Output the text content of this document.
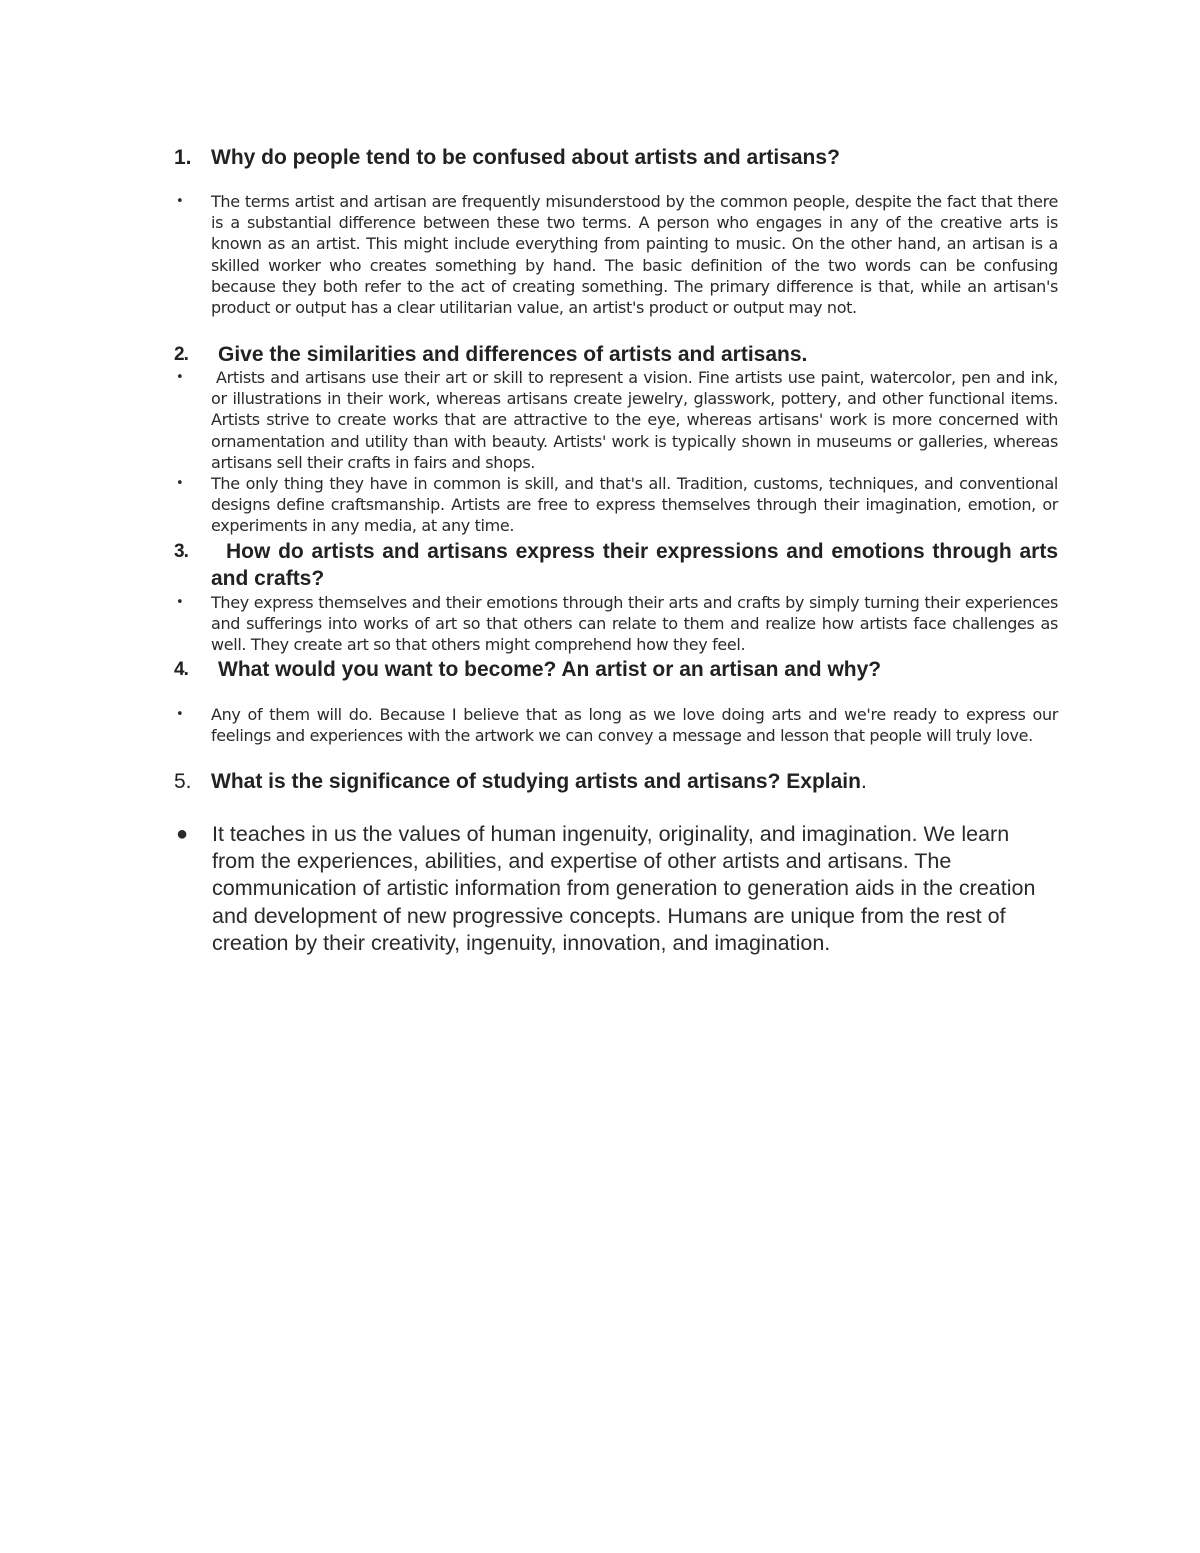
1. Why do people tend to be confused about artists and artisans?
• The terms artist and artisan are frequently misunderstood by the common people, despite the fact that there is a substantial difference between these two terms. A person who engages in any of the creative arts is known as an artist. This might include everything from painting to music. On the other hand, an artisan is a skilled worker who creates something by hand. The basic definition of the two words can be confusing because they both refer to the act of creating something. The primary difference is that, while an artisan's product or output has a clear utilitarian value, an artist's product or output may not.
2. Give the similarities and differences of artists and artisans.
•	Artists and artisans use their art or skill to represent a vision. Fine artists use paint, watercolor, pen and ink, or illustrations in their work, whereas artisans create jewelry, glasswork, pottery, and other functional items. Artists strive to create works that are attractive to the eye, whereas artisans' work is more concerned with ornamentation and utility than with beauty. Artists' work is typically shown in museums or galleries, whereas artisans sell their crafts in fairs and shops.
• The only thing they have in common is skill, and that's all. Tradition, customs, techniques, and conventional designs define craftsmanship. Artists are free to express themselves through their imagination, emotion, or experiments in any media, at any time.
3.	How do artists and artisans express their expressions and emotions through arts and crafts?
• They express themselves and their emotions through their arts and crafts by simply turning their experiences and sufferings into works of art so that others can relate to them and realize how artists face challenges as well. They create art so that others might comprehend how they feel.
4. What would you want to become? An artist or an artisan and why?
• Any of them will do. Because I believe that as long as we love doing arts and we're ready to express our feelings and experiences with the artwork we can convey a message and lesson that people will truly love.
5. What is the significance of studying artists and artisans? Explain.
● It teaches in us the values of human ingenuity, originality, and imagination. We learn from the experiences, abilities, and expertise of other artists and artisans. The communication of artistic information from generation to generation aids in the creation and development of new progressive concepts. Humans are unique from the rest of creation by their creativity, ingenuity, innovation, and imagination.
